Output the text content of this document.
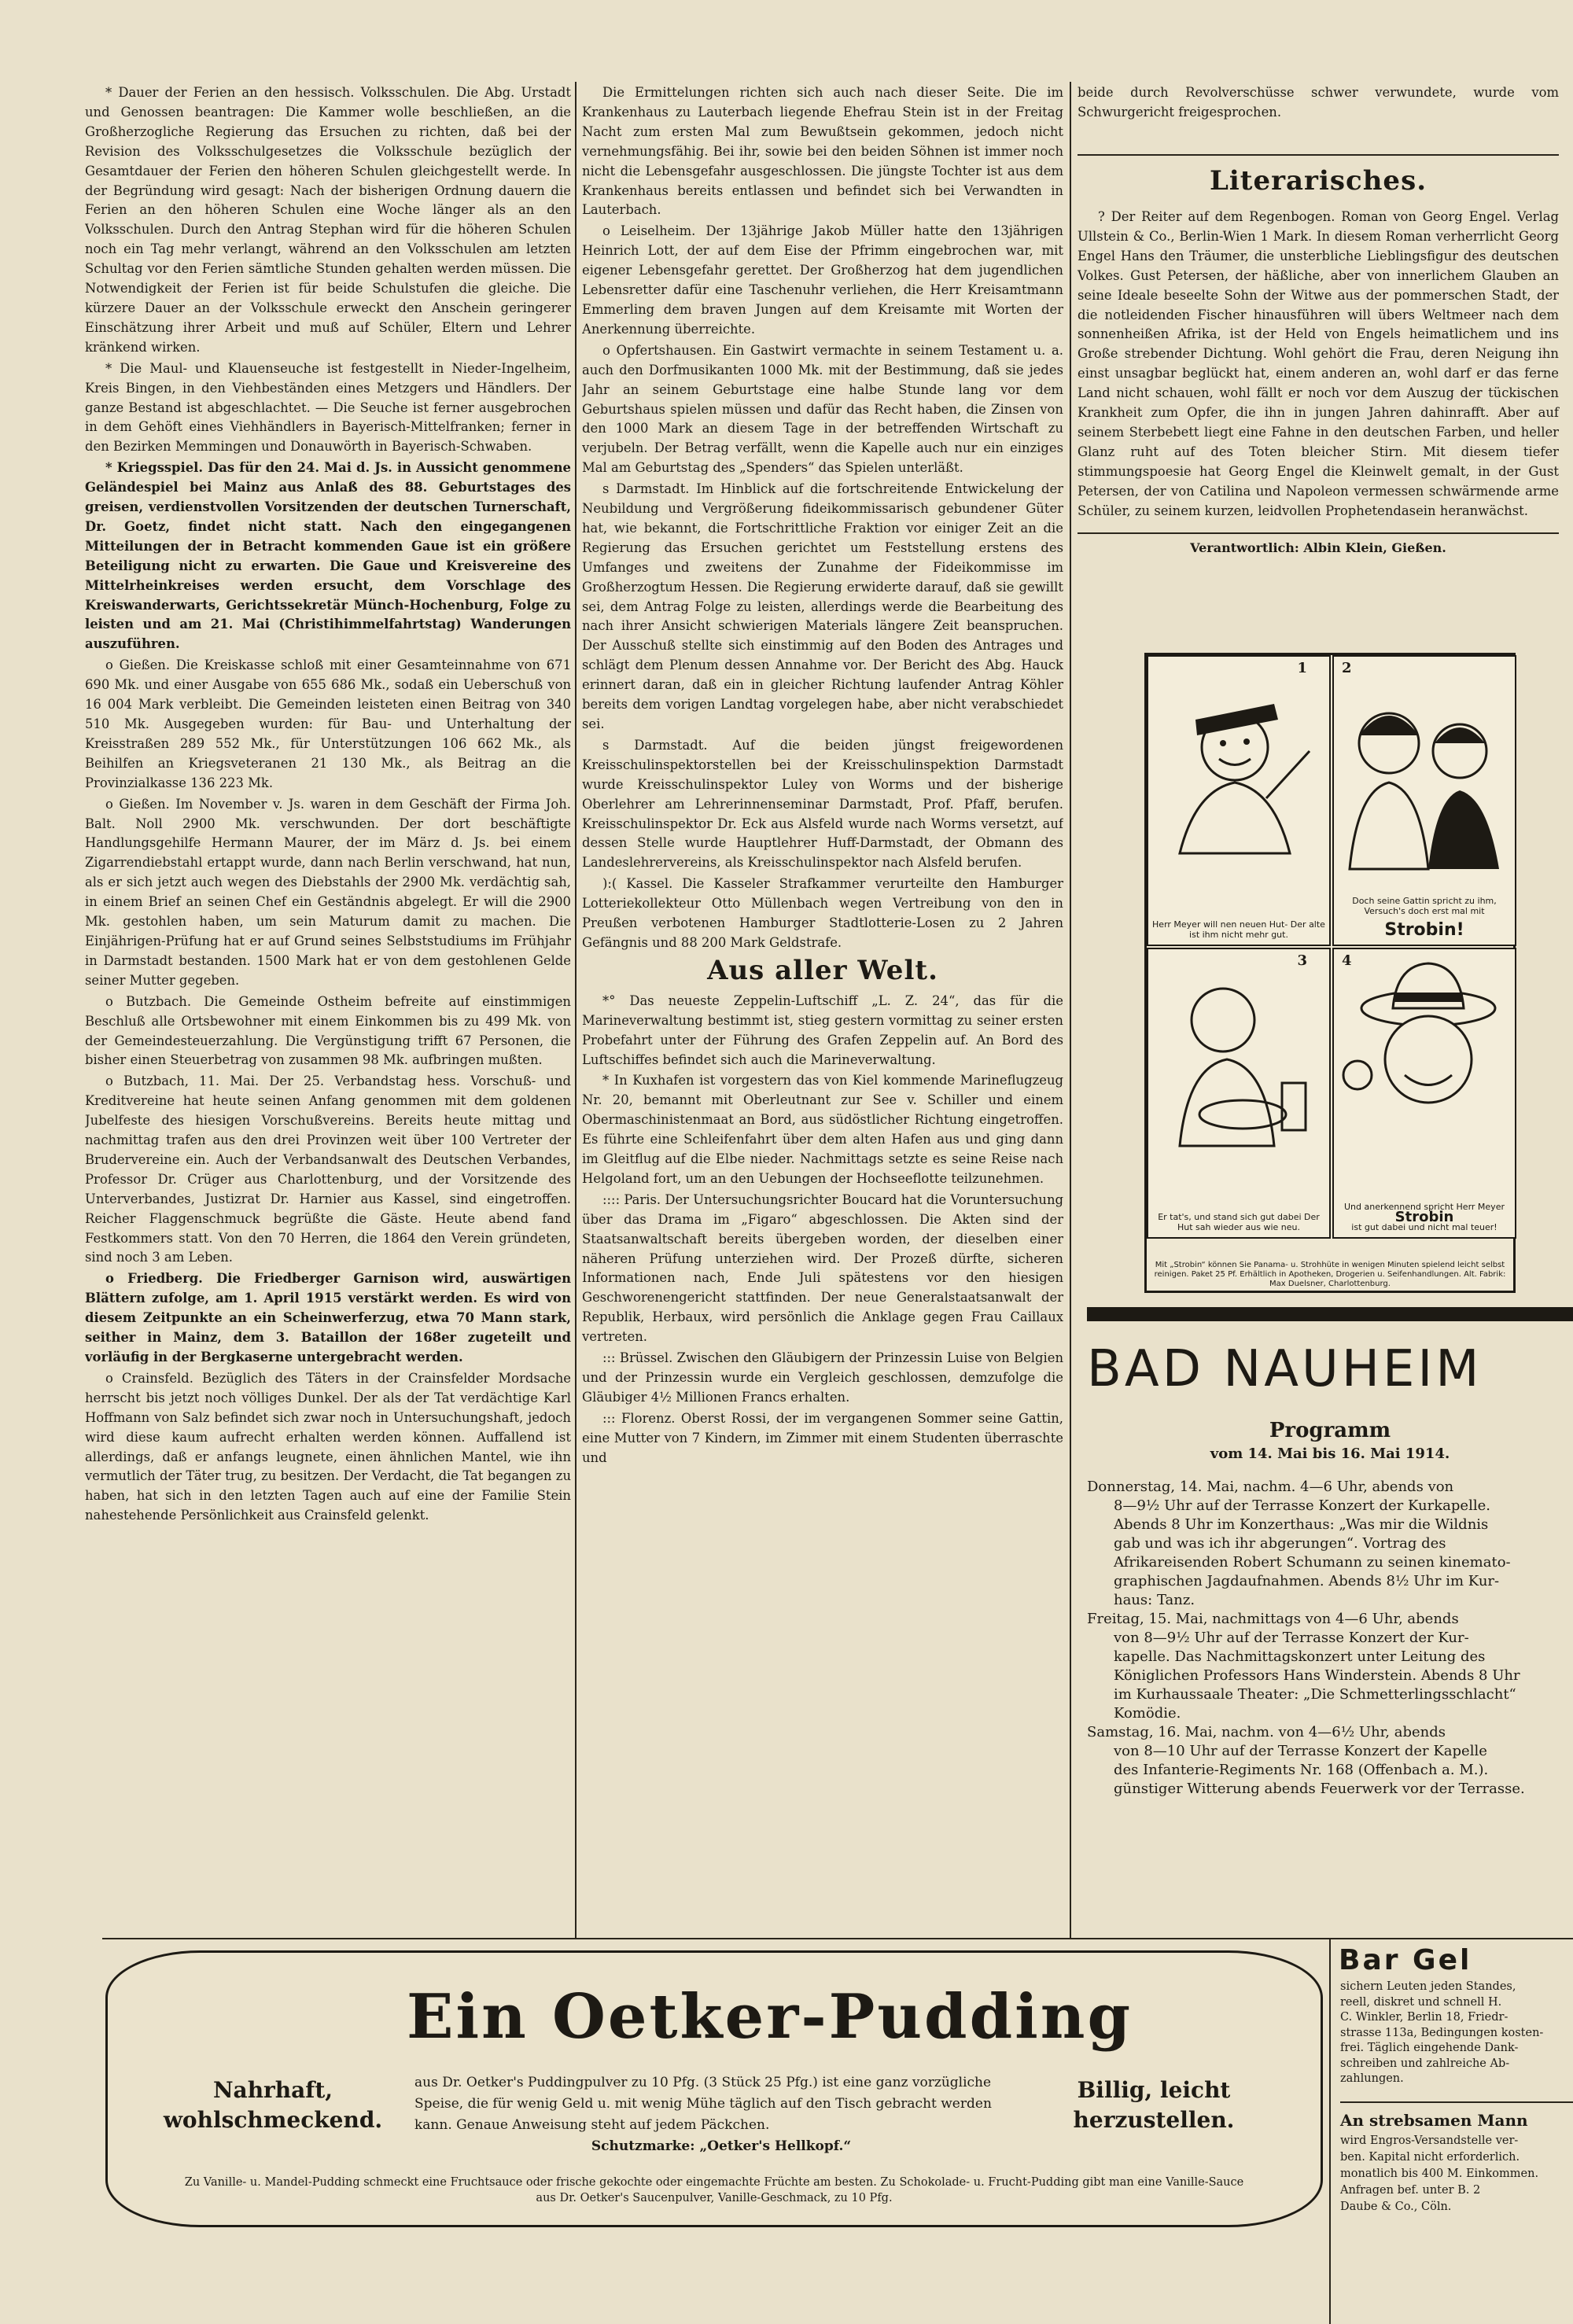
* Dauer der Ferien an den hessisch. Volksschulen. Die Abg. Urstadt und Genossen beantragen: Die Kammer wolle beschließen, an die Großherzogliche Regierung das Ersuchen zu richten, daß bei der Revision des Volksschulgesetzes die Volksschule bezüglich der Gesamtdauer der Ferien den höheren Schulen gleichgestellt werde. In der Begründung wird gesagt: Nach der bisherigen Ordnung dauern die Ferien an den höheren Schulen eine Woche länger als an den Volksschulen. Durch den Antrag Stephan wird für die höheren Schulen noch ein Tag mehr verlangt, während an den Volksschulen am letzten Schultag vor den Ferien sämtliche Stunden gehalten werden müssen. Die Notwendigkeit der Ferien ist für beide Schulstufen die gleiche. Die kürzere Dauer an der Volksschule erweckt den Anschein geringerer Einschätzung ihrer Arbeit und muß auf Schüler, Eltern und Lehrer kränkend wirken.

* Die Maul- und Klauenseuche ist festgestellt in Nieder-Ingelheim, Kreis Bingen, in den Viehbeständen eines Metzgers und Händlers. Der ganze Bestand ist abgeschlachtet. — Die Seuche ist ferner ausgebrochen in dem Gehöft eines Viehhändlers in Bayerisch-Mittelfranken; ferner in den Bezirken Memmingen und Donauwörth in Bayerisch-Schwaben.

* Kriegsspiel. Das für den 24. Mai d. Js. in Aussicht genommene Geländespiel bei Mainz aus Anlaß des 88. Geburtstages des greisen, verdienstvollen Vorsitzenden der deutschen Turnerschaft, Dr. Goetz, findet nicht statt. Nach den eingegangenen Mitteilungen der in Betracht kommenden Gaue ist ein größere Beteiligung nicht zu erwarten. Die Gaue und Kreisvereine des Mittelrheinkreises werden ersucht, dem Vorschlage des Kreiswanderwarts, Gerichtssekretär Münch-Hochenburg, Folge zu leisten und am 21. Mai (Christihimmelfahrtstag) Wanderungen auszuführen.

o Gießen. Die Kreiskasse schloß mit einer Gesamteinnahme von 671 690 Mk. und einer Ausgabe von 655 686 Mk., sodaß ein Ueberschuß von 16 004 Mark verbleibt. Die Gemeinden leisteten einen Beitrag von 340 510 Mk. Ausgegeben wurden: für Bau- und Unterhaltung der Kreisstraßen 289 552 Mk., für Unterstützungen 106 662 Mk., als Beihilfen an Kriegsveteranen 21 130 Mk., als Beitrag an die Provinzialkasse 136 223 Mk.

o Gießen. Im November v. Js. waren in dem Geschäft der Firma Joh. Balt. Noll 2900 Mk. verschwunden. Der dort beschäftigte Handlungsgehilfe Hermann Maurer, der im März d. Js. bei einem Zigarrendiebstahl ertappt wurde, dann nach Berlin verschwand, hat nun, als er sich jetzt auch wegen des Diebstahls der 2900 Mk. verdächtig sah, in einem Brief an seinen Chef ein Geständnis abgelegt. Er will die 2900 Mk. gestohlen haben, um sein Maturum damit zu machen. Die Einjährigen-Prüfung hat er auf Grund seines Selbststudiums im Frühjahr in Darmstadt bestanden. 1500 Mark hat er von dem gestohlenen Gelde seiner Mutter gegeben.

o Butzbach. Die Gemeinde Ostheim befreite auf einstimmigen Beschluß alle Ortsbewohner mit einem Einkommen bis zu 499 Mk. von der Gemeindesteuerzahlung. Die Vergünstigung trifft 67 Personen, die bisher einen Steuerbetrag von zusammen 98 Mk. aufbringen mußten.

o Butzbach, 11. Mai. Der 25. Verbandstag hess. Vorschuß- und Kreditvereine hat heute seinen Anfang genommen mit dem goldenen Jubelfeste des hiesigen Vorschußvereins. Bereits heute mittag und nachmittag trafen aus den drei Provinzen weit über 100 Vertreter der Brudervereine ein. Auch der Verbandsanwalt des Deutschen Verbandes, Professor Dr. Crüger aus Charlottenburg, und der Vorsitzende des Unterverbandes, Justizrat Dr. Harnier aus Kassel, sind eingetroffen. Reicher Flaggenschmuck begrüßte die Gäste. Heute abend fand Festkommers statt. Von den 70 Herren, die 1864 den Verein gründeten, sind noch 3 am Leben.

o Friedberg. Die Friedberger Garnison wird, auswärtigen Blättern zufolge, am 1. April 1915 verstärkt werden. Es wird von diesem Zeitpunkte an ein Scheinwerferzug, etwa 70 Mann stark, seither in Mainz, dem 3. Bataillon der 168er zugeteilt und vorläufig in der Bergkaserne untergebracht werden.

o Crainsfeld. Bezüglich des Täters in der Crainsfelder Mordsache herrscht bis jetzt noch völliges Dunkel. Der als der Tat verdächtige Karl Hoffmann von Salz befindet sich zwar noch in Untersuchungshaft, jedoch wird diese kaum aufrecht erhalten werden können. Auffallend ist allerdings, daß er anfangs leugnete, einen ähnlichen Mantel, wie ihn vermutlich der Täter trug, zu besitzen. Der Verdacht, die Tat begangen zu haben, hat sich in den letzten Tagen auch auf eine der Familie Stein nahestehende Persönlichkeit aus Crainsfeld gelenkt.

Die Ermittelungen richten sich auch nach dieser Seite. Die im Krankenhaus zu Lauterbach liegende Ehefrau Stein ist in der Freitag Nacht zum ersten Mal zum Bewußtsein gekommen, jedoch nicht vernehmungsfähig. Bei ihr, sowie bei den beiden Söhnen ist immer noch nicht die Lebensgefahr ausgeschlossen. Die jüngste Tochter ist aus dem Krankenhaus bereits entlassen und befindet sich bei Verwandten in Lauterbach.

o Leiselheim. Der 13jährige Jakob Müller hatte den 13jährigen Heinrich Lott, der auf dem Eise der Pfrimm eingebrochen war, mit eigener Lebensgefahr gerettet. Der Großherzog hat dem jugendlichen Lebensretter dafür eine Taschenuhr verliehen, die Herr Kreisamtmann Emmerling dem braven Jungen auf dem Kreisamte mit Worten der Anerkennung überreichte.

o Opfertshausen. Ein Gastwirt vermachte in seinem Testament u. a. auch den Dorfmusikanten 1000 Mk. mit der Bestimmung, daß sie jedes Jahr an seinem Geburtstage eine halbe Stunde lang vor dem Geburtshaus spielen müssen und dafür das Recht haben, die Zinsen von den 1000 Mark an diesem Tage in der betreffenden Wirtschaft zu verjubeln. Der Betrag verfällt, wenn die Kapelle auch nur ein einziges Mal am Geburtstag des „Spenders“ das Spielen unterläßt.

s Darmstadt. Im Hinblick auf die fortschreitende Entwickelung der Neubildung und Vergrößerung fideikommissarisch gebundener Güter hat, wie bekannt, die Fortschrittliche Fraktion vor einiger Zeit an die Regierung das Ersuchen gerichtet um Feststellung erstens des Umfanges und zweitens der Zunahme der Fideikommisse im Großherzogtum Hessen. Die Regierung erwiderte darauf, daß sie gewillt sei, dem Antrag Folge zu leisten, allerdings werde die Bearbeitung des nach ihrer Ansicht schwierigen Materials längere Zeit beanspruchen. Der Ausschuß stellte sich einstimmig auf den Boden des Antrages und schlägt dem Plenum dessen Annahme vor. Der Bericht des Abg. Hauck erinnert daran, daß ein in gleicher Richtung laufender Antrag Köhler bereits dem vorigen Landtag vorgelegen habe, aber nicht verabschiedet sei.

s Darmstadt. Auf die beiden jüngst freigewordenen Kreisschulinspektorstellen bei der Kreisschulinspektion Darmstadt wurde Kreisschulinspektor Luley von Worms und der bisherige Oberlehrer am Lehrerinnenseminar Darmstadt, Prof. Pfaff, berufen. Kreisschulinspektor Dr. Eck aus Alsfeld wurde nach Worms versetzt, auf dessen Stelle wurde Hauptlehrer Huff-Darmstadt, der Obmann des Landeslehrervereins, als Kreisschulinspektor nach Alsfeld berufen.

):( Kassel. Die Kasseler Strafkammer verurteilte den Hamburger Lotteriekollekteur Otto Müllenbach wegen Vertreibung von den in Preußen verbotenen Hamburger Stadtlotterie-Losen zu 2 Jahren Gefängnis und 88 200 Mark Geldstrafe.

Aus aller Welt.

*° Das neueste Zeppelin-Luftschiff „L. Z. 24“, das für die Marineverwaltung bestimmt ist, stieg gestern vormittag zu seiner ersten Probefahrt unter der Führung des Grafen Zeppelin auf. An Bord des Luftschiffes befindet sich auch die Marineverwaltung.

* In Kuxhafen ist vorgestern das von Kiel kommende Marineflugzeug Nr. 20, bemannt mit Oberleutnant zur See v. Schiller und einem Obermaschinistenmaat an Bord, aus südöstlicher Richtung eingetroffen. Es führte eine Schleifenfahrt über dem alten Hafen aus und ging dann im Gleitflug auf die Elbe nieder. Nachmittags setzte es seine Reise nach Helgoland fort, um an den Uebungen der Hochseeflotte teilzunehmen.

:::: Paris. Der Untersuchungsrichter Boucard hat die Voruntersuchung über das Drama im „Figaro“ abgeschlossen. Die Akten sind der Staatsanwaltschaft bereits übergeben worden, der dieselben einer näheren Prüfung unterziehen wird. Der Prozeß dürfte, sicheren Informationen nach, Ende Juli spätestens vor den hiesigen Geschworenengericht stattfinden. Der neue Generalstaatsanwalt der Republik, Herbaux, wird persönlich die Anklage gegen Frau Caillaux vertreten.

::: Brüssel. Zwischen den Gläubigern der Prinzessin Luise von Belgien und der Prinzessin wurde ein Vergleich geschlossen, demzufolge die Gläubiger 4½ Millionen Francs erhalten.

::: Florenz. Oberst Rossi, der im vergangenen Sommer seine Gattin, eine Mutter von 7 Kindern, im Zimmer mit einem Studenten überraschte und

beide durch Revolverschüsse schwer verwundete, wurde vom Schwurgericht freigesprochen.

Literarisches.

? Der Reiter auf dem Regenbogen. Roman von Georg Engel. Verlag Ullstein & Co., Berlin-Wien 1 Mark. In diesem Roman verherrlicht Georg Engel Hans den Träumer, die unsterbliche Lieblingsfigur des deutschen Volkes. Gust Petersen, der häßliche, aber von innerlichem Glauben an seine Ideale beseelte Sohn der Witwe aus der pommerschen Stadt, der die notleidenden Fischer hinausführen will übers Weltmeer nach dem sonnenheißen Afrika, ist der Held von Engels heimatlichem und ins Große strebender Dichtung. Wohl gehört die Frau, deren Neigung ihn einst unsagbar beglückt hat, einem anderen an, wohl darf er das ferne Land nicht schauen, wohl fällt er noch vor dem Auszug der tückischen Krankheit zum Opfer, die ihn in jungen Jahren dahinrafft. Aber auf seinem Sterbebett liegt eine Fahne in den deutschen Farben, und heller Glanz ruht auf des Toten bleicher Stirn. Mit diesem tiefer stimmungspoesie hat Georg Engel die Kleinwelt gemalt, in der Gust Petersen, der von Catilina und Napoleon vermessen schwärmende arme Schüler, zu seinem kurzen, leidvollen Prophetendasein heranwächst.

Verantwortlich: Albin Klein, Gießen.
1
Herr Meyer will nen neuen Hut- Der alte ist ihm nicht mehr gut.
2
Doch seine Gattin spricht zu ihm, Versuch's doch erst mal mit
Strobin!
3
Er tat's, und stand sich gut dabei Der Hut sah wieder aus wie neu.
4
Und anerkennend spricht Herr Meyer
Strobin
ist gut dabei und nicht mal teuer!
Mit „Strobin“ können Sie Panama- u. Strohhüte in wenigen Minuten spielend leicht selbst reinigen. Paket 25 Pf. Erhältlich in Apotheken, Drogerien u. Seifenhandlungen. Alt. Fabrik: Max Duelsner, Charlottenburg.
BAD NAUHEIM
Programm
vom 14. Mai bis 16. Mai 1914.
Donnerstag, 14. Mai, nachm. 4—6 Uhr, abends von
8—9½ Uhr auf der Terrasse Konzert der Kurkapelle.
Abends 8 Uhr im Konzerthaus: „Was mir die Wildnis
gab und was ich ihr abgerungen“. Vortrag des
Afrikareisenden Robert Schumann zu seinen kinemato-
graphischen Jagdaufnahmen. Abends 8½ Uhr im Kur-
haus: Tanz.
Freitag, 15. Mai, nachmittags von 4—6 Uhr, abends
von 8—9½ Uhr auf der Terrasse Konzert der Kur-
kapelle. Das Nachmittagskonzert unter Leitung des
Königlichen Professors Hans Winderstein. Abends 8 Uhr
im Kurhaussaale Theater: „Die Schmetterlingsschlacht“
Komödie.
Samstag, 16. Mai, nachm. von 4—6½ Uhr, abends
von 8—10 Uhr auf der Terrasse Konzert der Kapelle
des Infanterie-Regiments Nr. 168 (Offenbach a. M.).
günstiger Witterung abends Feuerwerk vor der Terrasse.
Ein Oetker-Pudding
Nahrhaft, wohlschmeckend.
aus Dr. Oetker's Puddingpulver zu 10 Pfg. (3 Stück 25 Pfg.) ist eine ganz vorzügliche Speise, die für wenig Geld u. mit wenig Mühe täglich auf den Tisch gebracht werden kann. Genaue Anweisung steht auf jedem Päckchen.
Schutzmarke: „Oetker's Hellkopf.“
Billig, leicht herzustellen.
Zu Vanille- u. Mandel-Pudding schmeckt eine Fruchtsauce oder frische gekochte oder eingemachte Früchte am besten. Zu Schokolade- u. Frucht-Pudding gibt man eine Vanille-Sauce aus Dr. Oetker's Saucenpulver, Vanille-Geschmack, zu 10 Pfg.
Bar Gel
sichern Leuten jeden Standes,
reell, diskret und schnell H.
C. Winkler, Berlin 18, Friedr-
strasse 113a, Bedingungen kosten-
frei. Täglich eingehende Dank-
schreiben und zahlreiche Ab-
zahlungen.
An strebsamen Mann
wird Engros-Versandstelle ver-
ben. Kapital nicht erforderlich.
monatlich bis 400 M. Einkommen.
Anfragen bef. unter B. 2
Daube & Co., Cöln.
